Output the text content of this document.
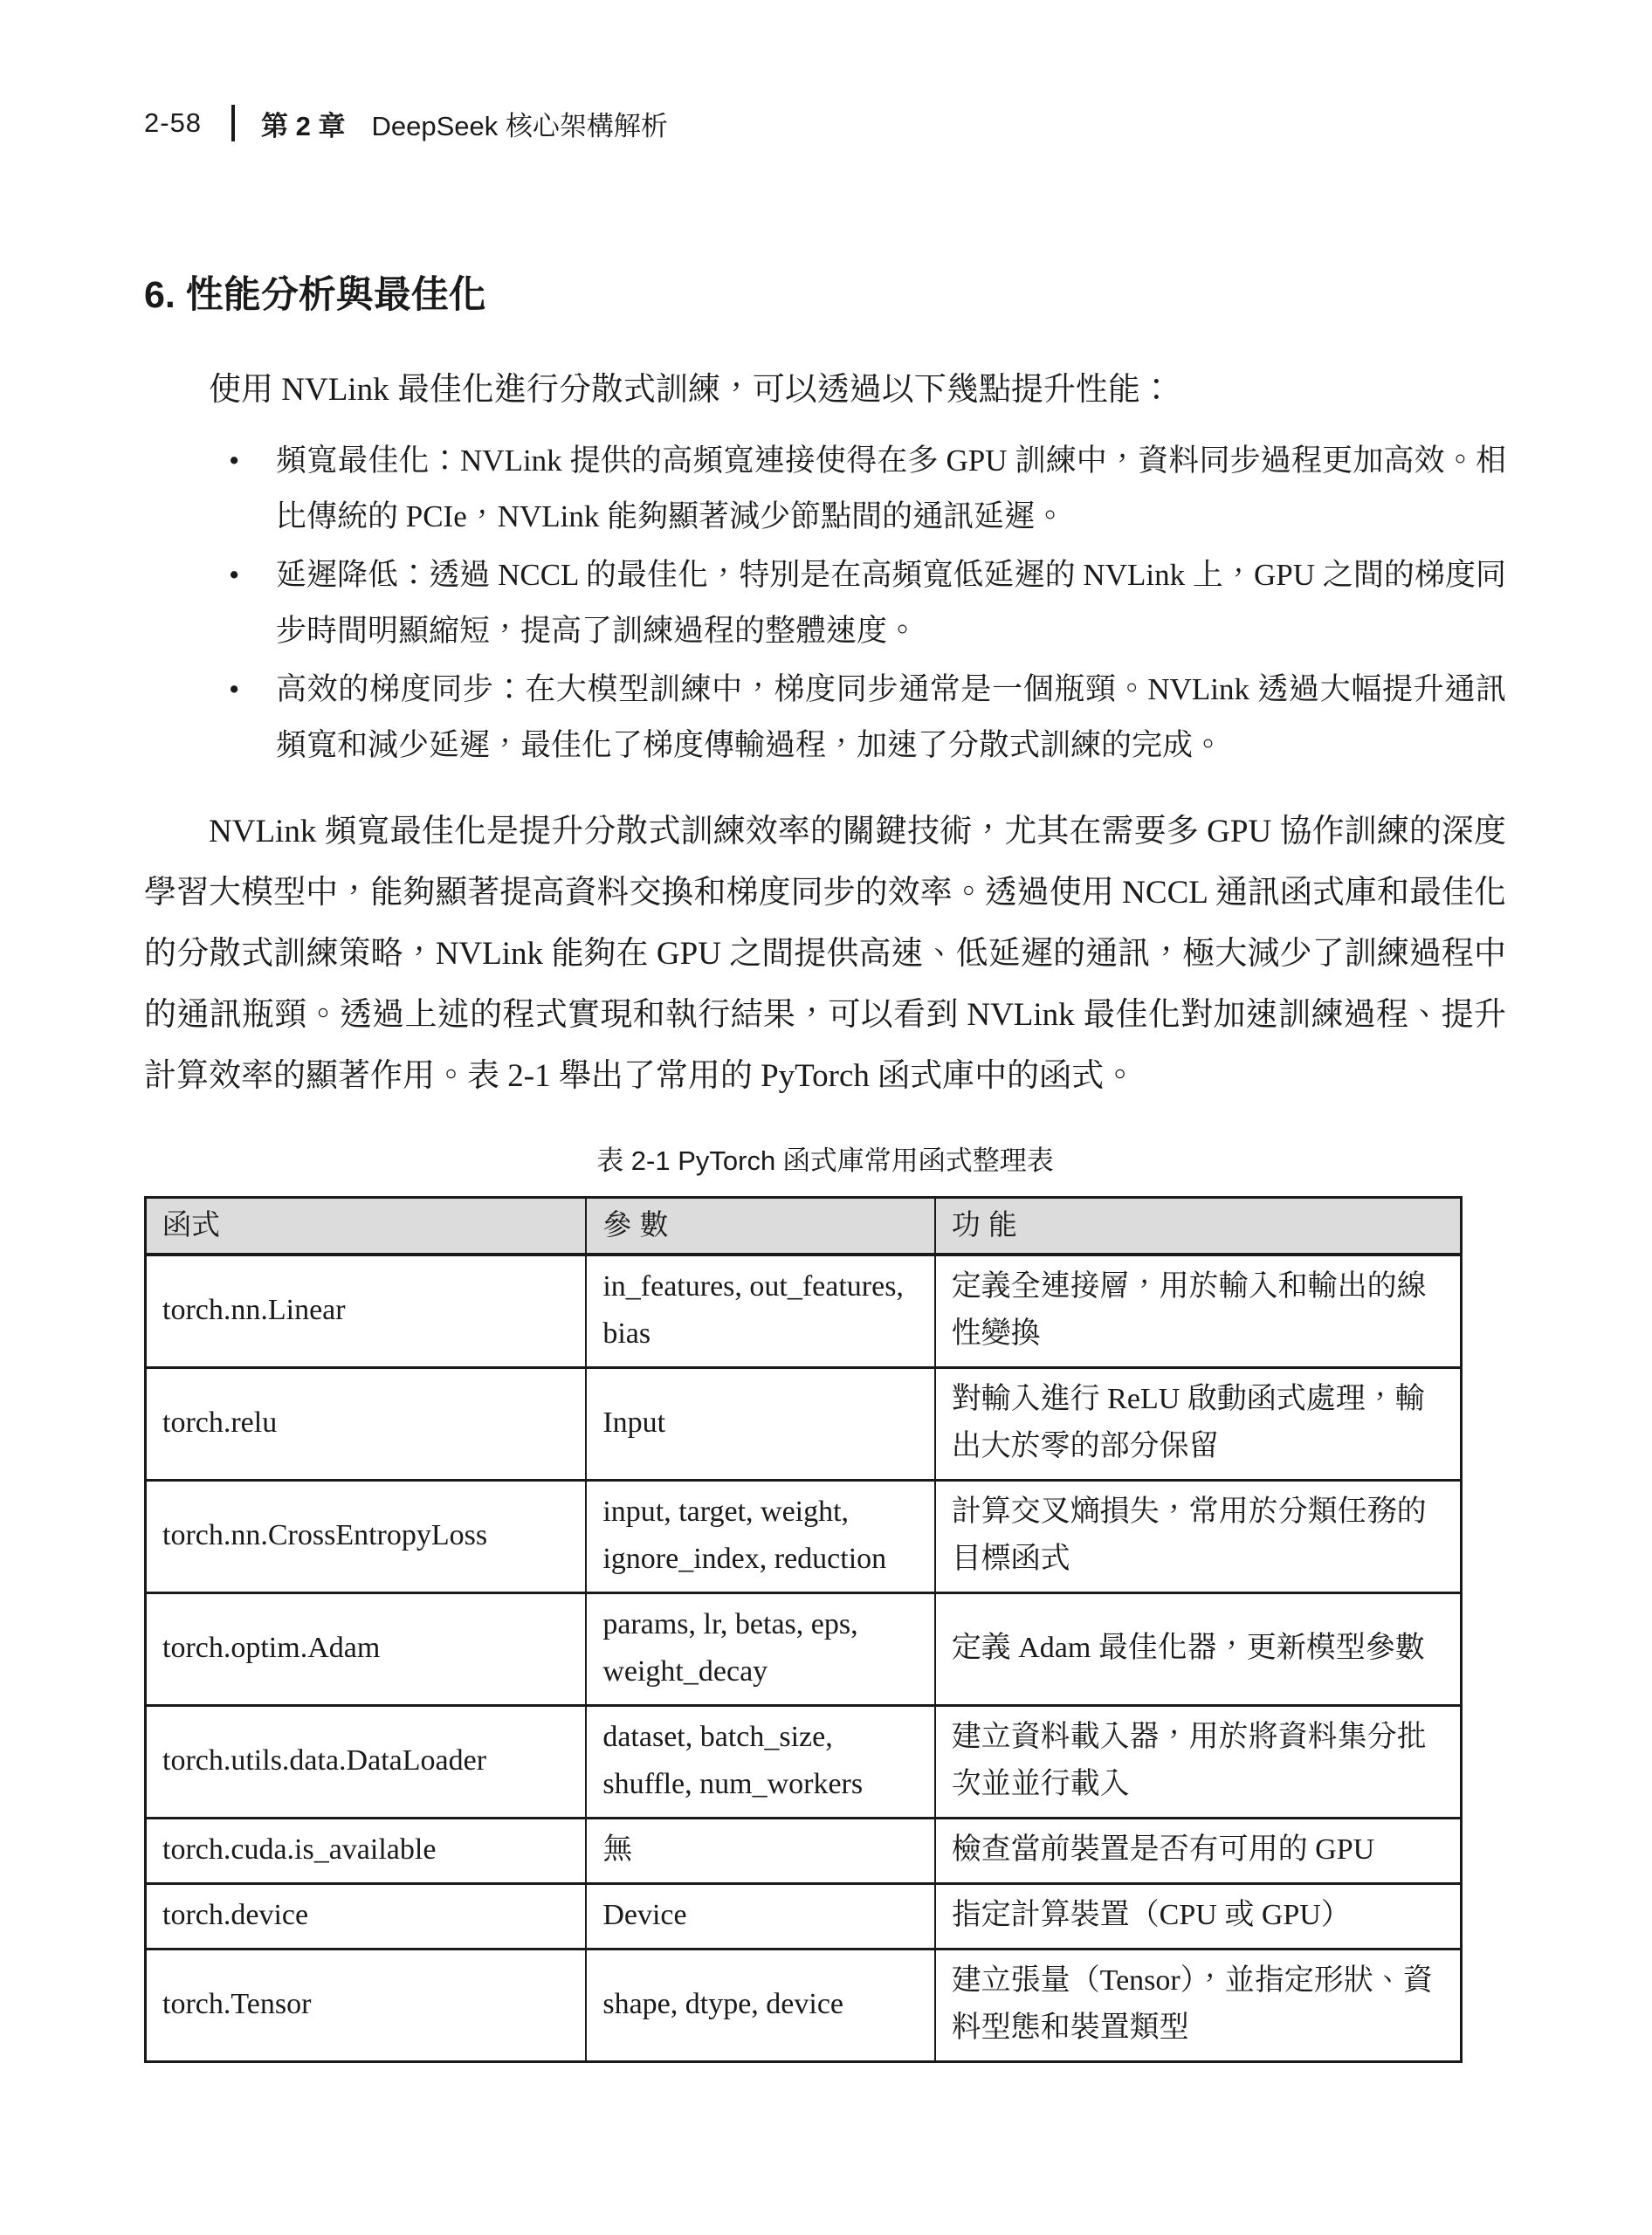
2-58 第 2 章 DeepSeek 核心架構解析
6. 性能分析與最佳化

使用 NVLink 最佳化進行分散式訓練，可以透過以下幾點提升性能：

• 頻寬最佳化：NVLink 提供的高頻寬連接使得在多 GPU 訓練中，資料同步過程更加高效。相比傳統的 PCIe，NVLink 能夠顯著減少節點間的通訊延遲。
• 延遲降低：透過 NCCL 的最佳化，特別是在高頻寬低延遲的 NVLink 上，GPU 之間的梯度同步時間明顯縮短，提高了訓練過程的整體速度。
• 高效的梯度同步：在大模型訓練中，梯度同步通常是一個瓶頸。NVLink 透過大幅提升通訊頻寬和減少延遲，最佳化了梯度傳輸過程，加速了分散式訓練的完成。

NVLink 頻寬最佳化是提升分散式訓練效率的關鍵技術，尤其在需要多 GPU 協作訓練的深度學習大模型中，能夠顯著提高資料交換和梯度同步的效率。透過使用 NCCL 通訊函式庫和最佳化的分散式訓練策略，NVLink 能夠在 GPU 之間提供高速、低延遲的通訊，極大減少了訓練過程中的通訊瓶頸。透過上述的程式實現和執行結果，可以看到 NVLink 最佳化對加速訓練過程、提升計算效率的顯著作用。表 2-1 舉出了常用的 PyTorch 函式庫中的函式。

表 2-1 PyTorch 函式庫常用函式整理表
函式	參 數	功 能
torch.nn.Linear	in_features, out_features, bias	定義全連接層，用於輸入和輸出的線性變換
torch.relu	Input	對輸入進行 ReLU 啟動函式處理，輸出大於零的部分保留
torch.nn.CrossEntropyLoss	input, target, weight, ignore_index, reduction	計算交叉熵損失，常用於分類任務的目標函式
torch.optim.Adam	params, lr, betas, eps, weight_decay	定義 Adam 最佳化器，更新模型參數
torch.utils.data.DataLoader	dataset, batch_size, shuffle, num_workers	建立資料載入器，用於將資料集分批次並並行載入
torch.cuda.is_available	無	檢查當前裝置是否有可用的 GPU
torch.device	Device	指定計算裝置（CPU 或 GPU）
torch.Tensor	shape, dtype, device	建立張量（Tensor），並指定形狀、資料型態和裝置類型
